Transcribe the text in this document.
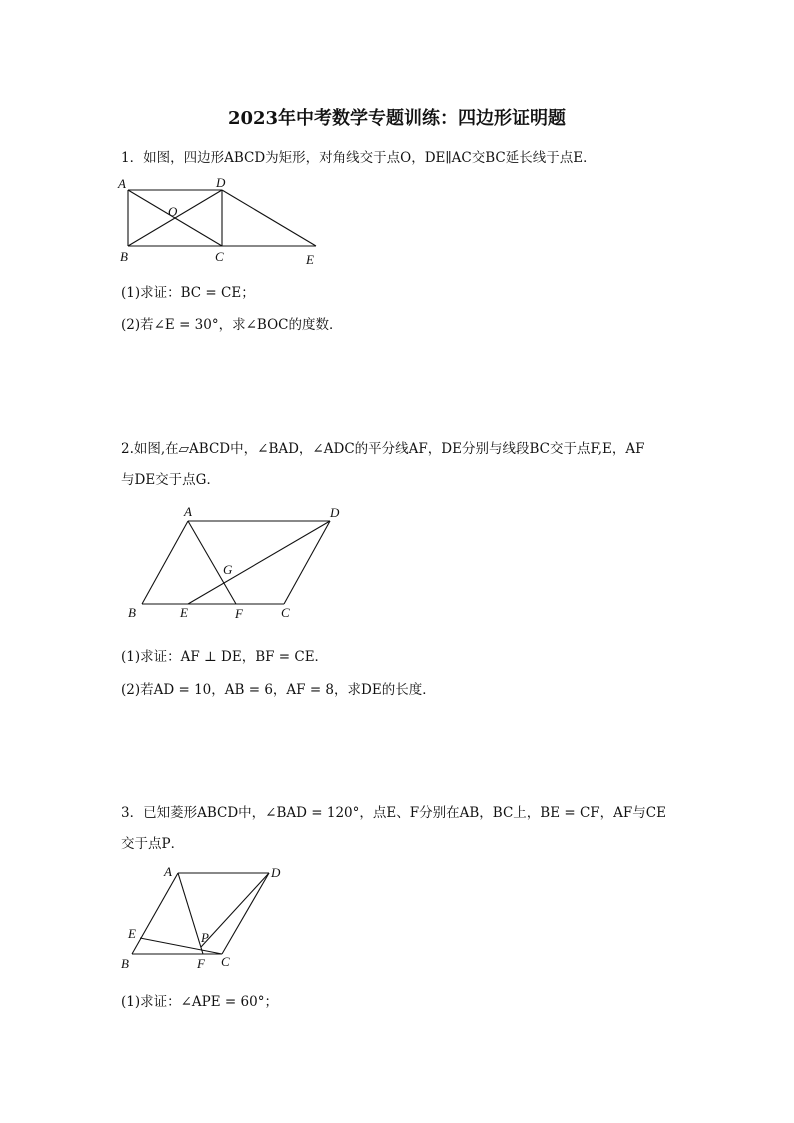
2023年中考数学专题训练：四边形证明题
1．如图，四边形ABCD为矩形，对角线交于点O，DE∥AC交BC延长线于点E．
A	D
O
B	C	E
(1)求证：BC = CE；
(2)若∠E = 30°，求∠BOC的度数．
2.如图,在▱ABCD中，∠BAD，∠ADC的平分线AF，DE分别与线段BC交于点F,E，AF
与DE交于点G．
A	D
G
B	E	F	C
(1)求证：AF ⊥ DE，BF = CE．
(2)若AD = 10，AB = 6，AF = 8，求DE的长度．
3．已知菱形ABCD中，∠BAD = 120°，点E、F分别在AB，BC上，BE = CF，AF与CE
交于点P．
A	D
E	P
B	F C
(1)求证：∠APE = 60°；
